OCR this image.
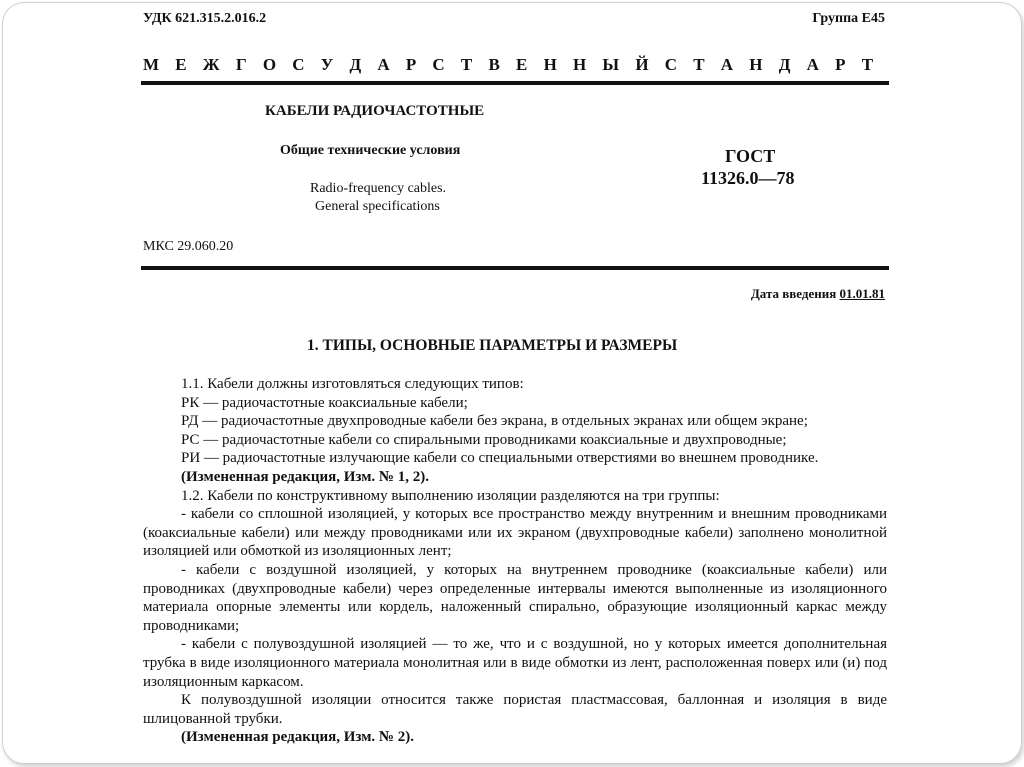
УДК 621.315.2.016.2	Группа Е45
М Е Ж Г О С У Д А Р С Т В Е Н Н Ы Й С Т А Н Д А Р Т
КАБЕЛИ РАДИОЧАСТОТНЫЕ
Общие технические условия	ГОСТ
11326.0—78
Radio-frequency cables.
General specifications
МКС 29.060.20
Дата введения 01.01.81
1. ТИПЫ, ОСНОВНЫЕ ПАРАМЕТРЫ И РАЗМЕРЫ

1.1. Кабели должны изготовляться следующих типов:

РК — радиочастотные коаксиальные кабели;

РД — радиочастотные двухпроводные кабели без экрана, в отдельных экранах или общем экране;

РС — радиочастотные кабели со спиральными проводниками коаксиальные и двухпроводные;

РИ — радиочастотные излучающие кабели со специальными отверстиями во внешнем проводнике.

(Измененная редакция, Изм. № 1, 2).

1.2. Кабели по конструктивному выполнению изоляции разделяются на три группы:

- кабели со сплошной изоляцией, у которых все пространство между внутренним и внешним проводниками (коаксиальные кабели) или между проводниками или их экраном (двухпроводные кабели) заполнено монолитной изоляцией или обмоткой из изоляционных лент;

- кабели с воздушной изоляцией, у которых на внутреннем проводнике (коаксиальные кабели) или проводниках (двухпроводные кабели) через определенные интервалы имеются выполненные из изоляционного материала опорные элементы или кордель, наложенный спирально, образующие изоляционный каркас между проводниками;

- кабели с полувоздушной изоляцией — то же, что и с воздушной, но у которых имеется дополнительная трубка в виде изоляционного материала монолитная или в виде обмотки из лент, расположенная поверх или (и) под изоляционным каркасом.

К полувоздушной изоляции относится также пористая пластмассовая, баллонная и изоляция в виде шлицованной трубки.

(Измененная редакция, Изм. № 2).
